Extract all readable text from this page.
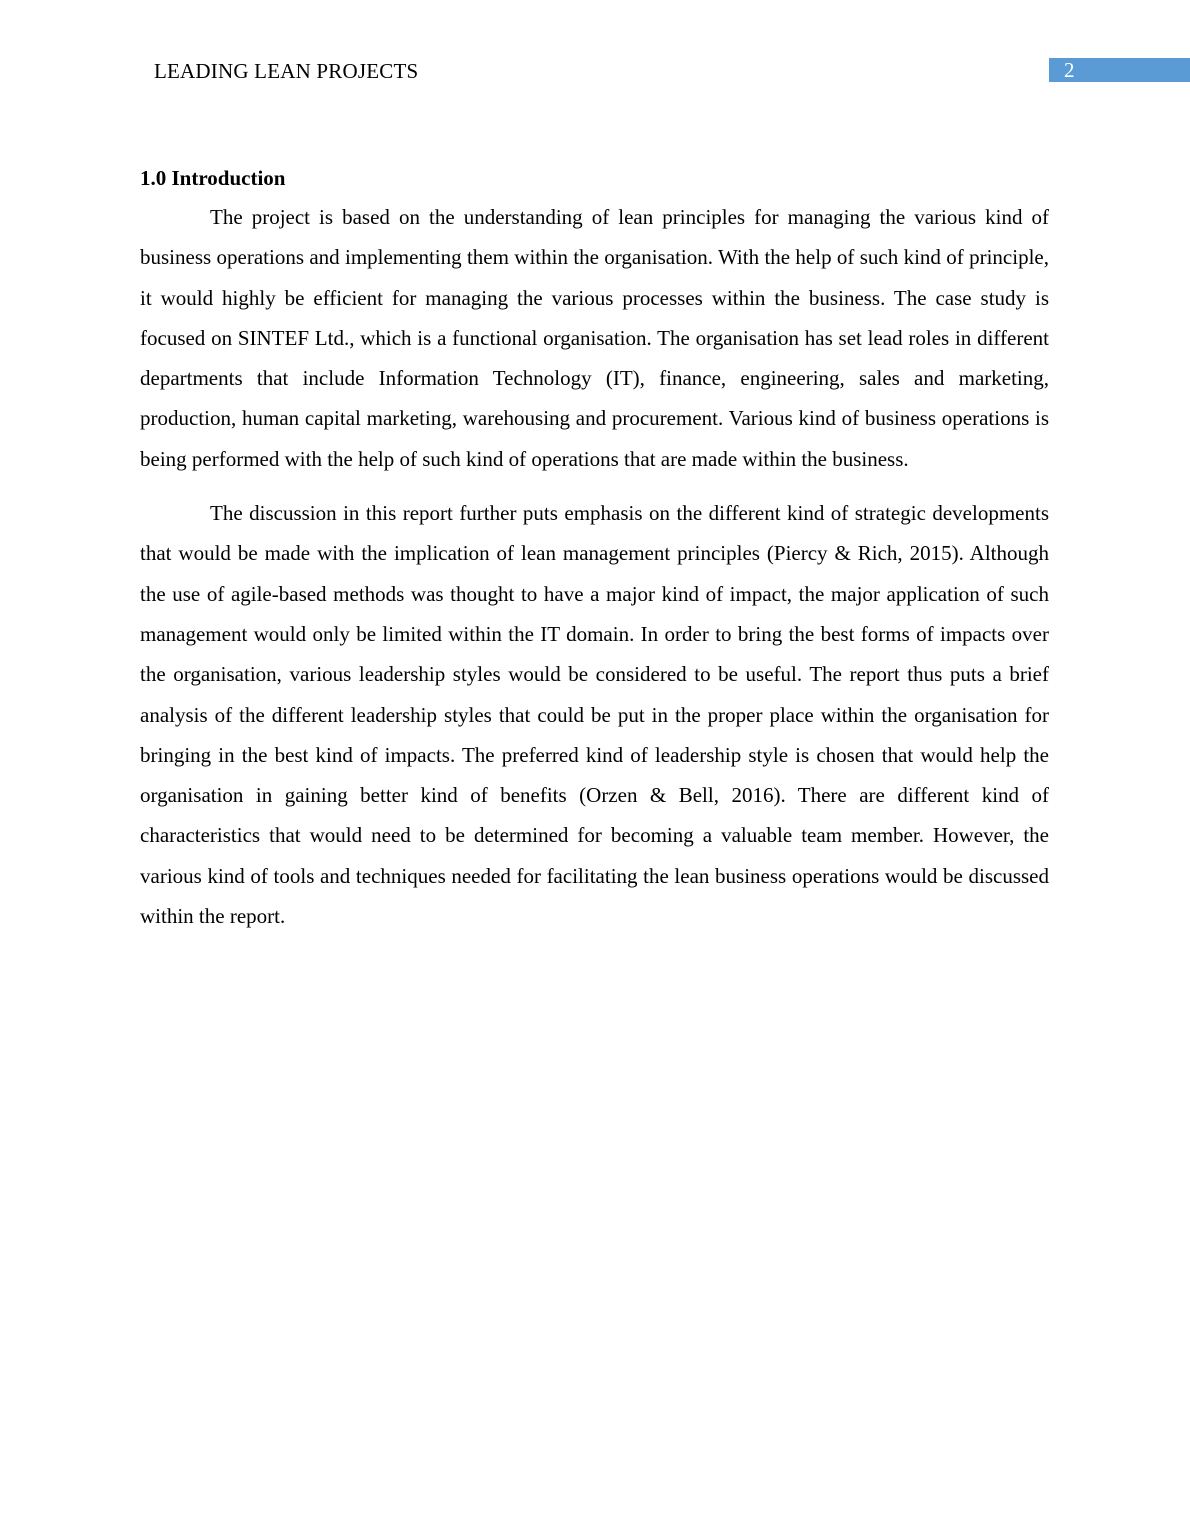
LEADING LEAN PROJECTS	2
1.0 Introduction

The project is based on the understanding of lean principles for managing the various kind of business operations and implementing them within the organisation. With the help of such kind of principle, it would highly be efficient for managing the various processes within the business. The case study is focused on SINTEF Ltd., which is a functional organisation. The organisation has set lead roles in different departments that include Information Technology (IT), finance, engineering, sales and marketing, production, human capital marketing, warehousing and procurement. Various kind of business operations is being performed with the help of such kind of operations that are made within the business.

The discussion in this report further puts emphasis on the different kind of strategic developments that would be made with the implication of lean management principles (Piercy & Rich, 2015). Although the use of agile-based methods was thought to have a major kind of impact, the major application of such management would only be limited within the IT domain. In order to bring the best forms of impacts over the organisation, various leadership styles would be considered to be useful. The report thus puts a brief analysis of the different leadership styles that could be put in the proper place within the organisation for bringing in the best kind of impacts. The preferred kind of leadership style is chosen that would help the organisation in gaining better kind of benefits (Orzen & Bell, 2016). There are different kind of characteristics that would need to be determined for becoming a valuable team member. However, the various kind of tools and techniques needed for facilitating the lean business operations would be discussed within the report.
